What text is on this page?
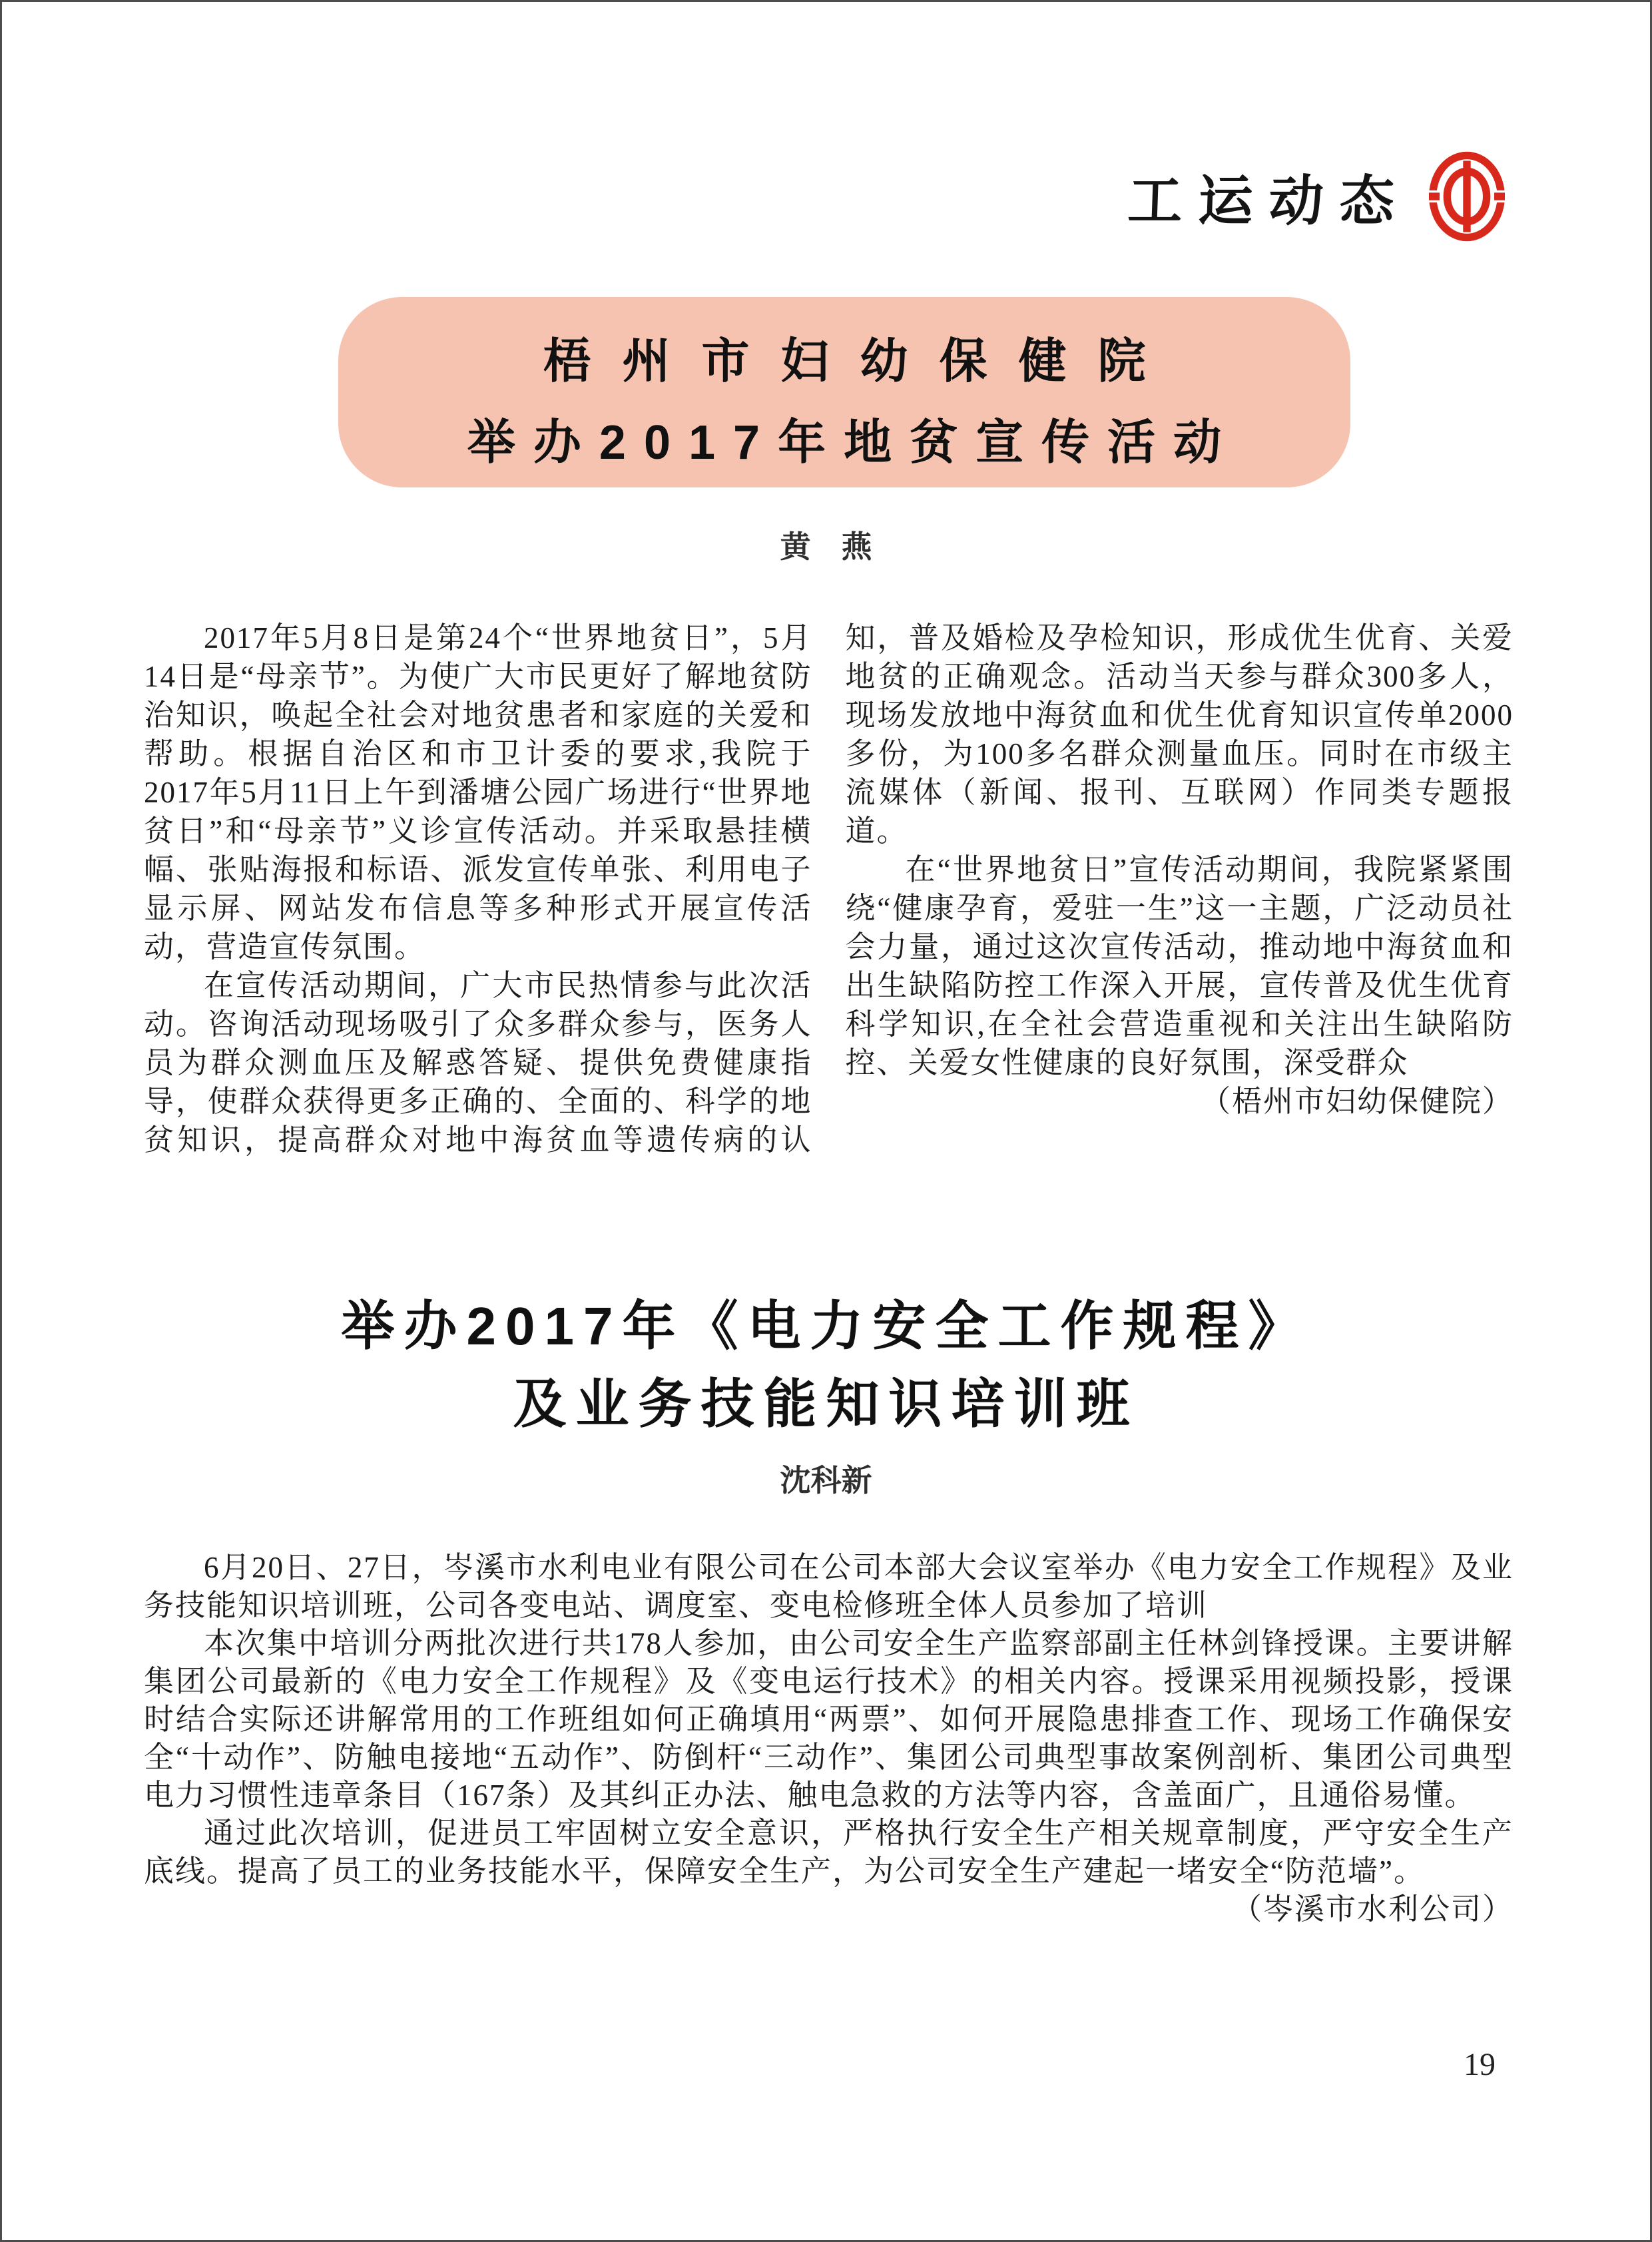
工运动态
梧州市妇幼保健院
举办2017年地贫宣传活动
黄　燕

2017年5月8日是第24个“世界地贫日”，5月14日是“母亲节”。为使广大市民更好了解地贫防治知识，唤起全社会对地贫患者和家庭的关爱和帮助。根据自治区和市卫计委的要求,我院于2017年5月11日上午到潘塘公园广场进行“世界地贫日”和“母亲节”义诊宣传活动。并采取悬挂横幅、张贴海报和标语、派发宣传单张、利用电子显示屏、网站发布信息等多种形式开展宣传活动，营造宣传氛围。

在宣传活动期间，广大市民热情参与此次活动。咨询活动现场吸引了众多群众参与，医务人员为群众测血压及解惑答疑、提供免费健康指导，使群众获得更多正确的、全面的、科学的地贫知识，提高群众对地中海贫血等遗传病的认知，普及婚检及孕检知识，形成优生优育、关爱地贫的正确观念。活动当天参与群众300多人，现场发放地中海贫血和优生优育知识宣传单2000多份，为100多名群众测量血压。同时在市级主流媒体（新闻、报刊、互联网）作同类专题报道。

在“世界地贫日”宣传活动期间，我院紧紧围绕“健康孕育，爱驻一生”这一主题，广泛动员社会力量，通过这次宣传活动，推动地中海贫血和出生缺陷防控工作深入开展，宣传普及优生优育科学知识,在全社会营造重视和关注出生缺陷防控、关爱女性健康的良好氛围，深受群众
（梧州市妇幼保健院）

举办2017年《电力安全工作规程》
及业务技能知识培训班
沈科新

6月20日、27日，岑溪市水利电业有限公司在公司本部大会议室举办《电力安全工作规程》及业务技能知识培训班，公司各变电站、调度室、变电检修班全体人员参加了培训

本次集中培训分两批次进行共178人参加，由公司安全生产监察部副主任林剑锋授课。主要讲解集团公司最新的《电力安全工作规程》及《变电运行技术》的相关内容。授课采用视频投影，授课时结合实际还讲解常用的工作班组如何正确填用“两票”、如何开展隐患排查工作、现场工作确保安全“十动作”、防触电接地“五动作”、防倒杆“三动作”、集团公司典型事故案例剖析、集团公司典型电力习惯性违章条目（167条）及其纠正办法、触电急救的方法等内容，含盖面广，且通俗易懂。

通过此次培训，促进员工牢固树立安全意识，严格执行安全生产相关规章制度，严守安全生产底线。提高了员工的业务技能水平，保障安全生产，为公司安全生产建起一堵安全“防范墙”。

（岑溪市水利公司）

19
